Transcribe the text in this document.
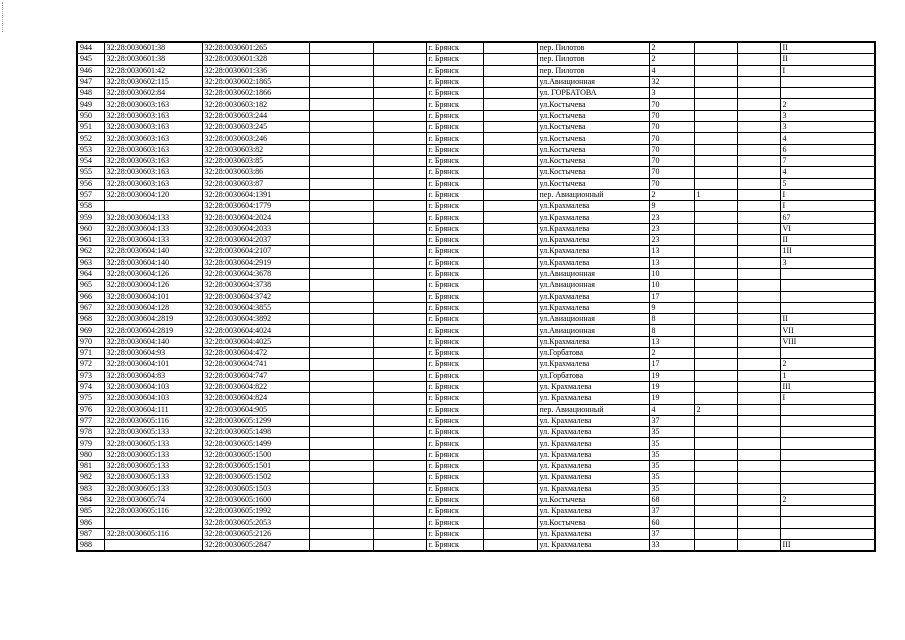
944	32:28:0030601:38	32:28:0030601:265			г. Брянск		пер. Пилотов	2			II
945	32:28:0030601:38	32:28:0030601:328			г. Брянск		пер. Пилотов	2			II
946	32:28:0030601:42	32:28:0030601:336			г. Брянск		пер. Пилотов	4			I
947	32:28:0030602:115	32:28:0030602:1865			г. Брянск		ул.Авиационная	32			
948	32:28:0030602:84	32:28:0030602:1866			г. Брянск		ул. ГОРБАТОВА	3			
949	32:28:0030603:163	32:28:0030603:182			г. Брянск		ул.Костычева	70			2
950	32:28:0030603:163	32:28:0030603:244			г. Брянск		ул.Костычева	70			3
951	32:28:0030603:163	32:28:0030603:245			г. Брянск		ул.Костычева	70			3
952	32:28:0030603:163	32:28:0030603:246			г. Брянск		ул.Костычева	70			4
953	32:28:0030603:163	32:28:0030603:82			г. Брянск		ул.Костычева	70			6
954	32:28:0030603:163	32:28:0030603:85			г. Брянск		ул.Костычева	70			7
955	32:28:0030603:163	32:28:0030603:86			г. Брянск		ул.Костычева	70			4
956	32:28:0030603:163	32:28:0030603:87			г. Брянск		ул.Костычева	70			5
957	32:28:0030604:120	32:28:0030604:1391			г. Брянск		пер. Авиационный	2	1		I
958		32:28:0030604:1779			г. Брянск		ул.Крахмалева	9			I
959	32:28:0030604:133	32:28:0030604:2024			г. Брянск		ул.Крахмалева	23			67
960	32:28:0030604:133	32:28:0030604:2033			г. Брянск		ул.Крахмалева	23			VI
961	32:28:0030604:133	32:28:0030604:2037			г. Брянск		ул.Крахмалева	23			II
962	32:28:0030604:140	32:28:0030604:2107			г. Брянск		ул.Крахмалева	13			1II
963	32:28:0030604:140	32:28:0030604:2919			г. Брянск		ул.Крахмалева	13			3
964	32:28:0030604:126	32:28:0030604:3678			г. Брянск		ул.Авиационная	10			
965	32:28:0030604:126	32:28:0030604:3738			г. Брянск		ул.Авиационная	10			
966	32:28:0030604:101	32:28:0030604:3742			г. Брянск		ул.Крахмалева	17			
967	32:28:0030604:128	32:28:0030604:3855			г. Брянск		ул.Крахмалева	9			
968	32:28:0030604:2819	32:28:0030604:3892			г. Брянск		ул.Авиационная	8			II
969	32:28:0030604:2819	32:28:0030604:4024			г. Брянск		ул.Авиационная	8			VII
970	32:28:0030604:140	32:28:0030604:4025			г. Брянск		ул.Крахмалева	13			VIII
971	32:28:0030604:93	32:28:0030604:472			г. Брянск		ул.Горбатова	2			
972	32:28:0030604:101	32:28:0030604:741			г. Брянск		ул.Крахмалева	17			2
973	32:28:0030604:83	32:28:0030604:747			г. Брянск		ул.Горбатова	19			1
974	32:28:0030604:103	32:28:0030604:822			г. Брянск		ул. Крахмалева	19			III
975	32:28:0030604:103	32:28:0030604:824			г. Брянск		ул. Крахмалева	19			I
976	32:28:0030604:111	32:28:0030604:905			г. Брянск		пер. Авиационный	4	2		
977	32:28:0030605:116	32:28:0030605:1299			г. Брянск		ул. Крахмалева	37			
978	32:28:0030605:133	32:28:0030605:1498			г. Брянск		ул. Крахмалева	35			
979	32:28:0030605:133	32:28:0030605:1499			г. Брянск		ул. Крахмалева	35			
980	32:28:0030605:133	32:28:0030605:1500			г. Брянск		ул. Крахмалева	35			
981	32:28:0030605:133	32:28:0030605:1501			г. Брянск		ул. Крахмалева	35			
982	32:28:0030605:133	32:28:0030605:1502			г. Брянск		ул. Крахмалева	35			
983	32:28:0030605:133	32:28:0030605:1503			г. Брянск		ул. Крахмалева	35			
984	32:28:0030605:74	32:28:0030605:1600			г. Брянск		ул.Костычева	68			2
985	32:28:0030605:116	32:28:0030605:1992			г. Брянск		ул. Крахмалева	37			
986		32:28:0030605:2053			г. Брянск		ул.Костычева	60			
987	32:28:0030605:116	32:28:0030605:2126			г. Брянск		ул. Крахмалева	37			
988		32:28:0030605:2847			г. Брянск		ул. Крахмалева	33			III
